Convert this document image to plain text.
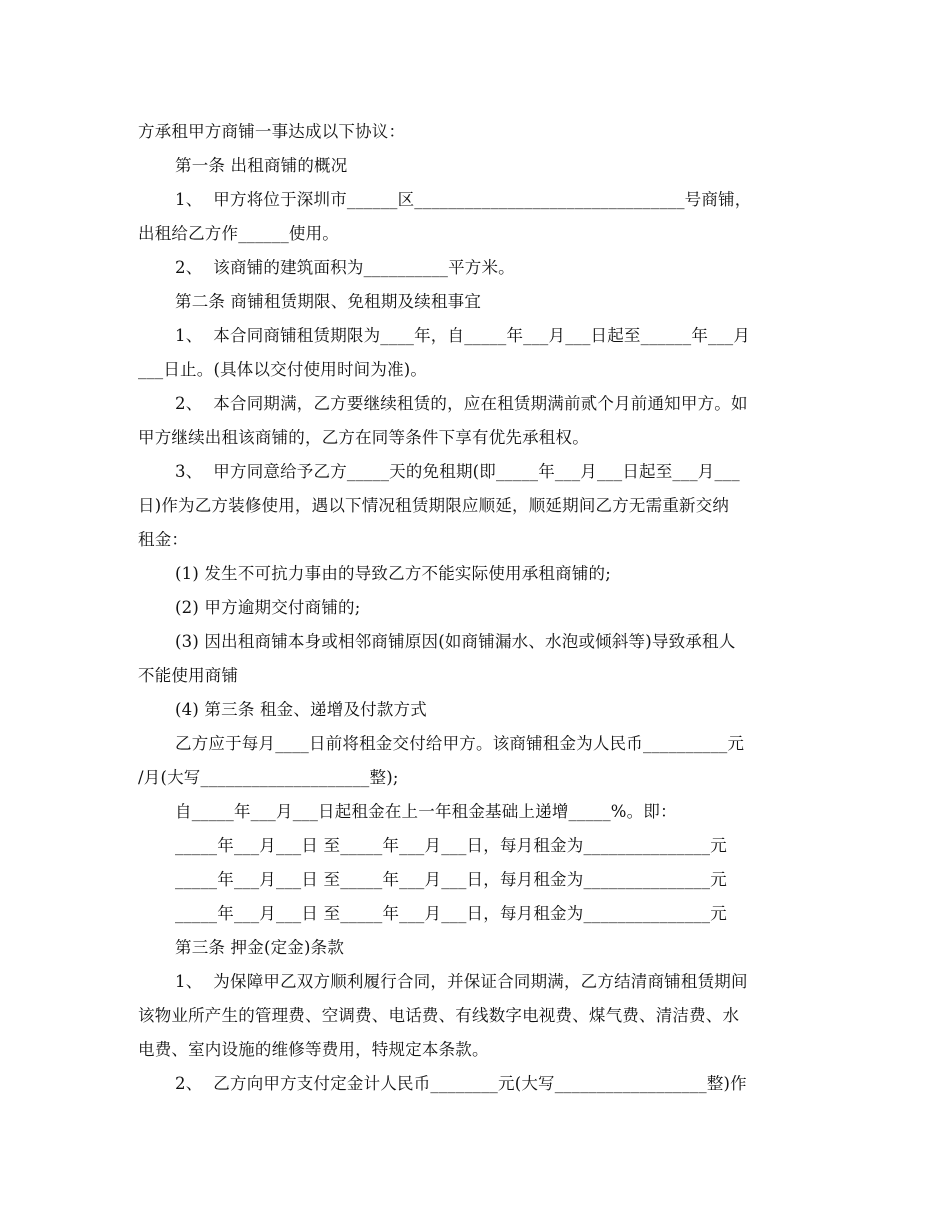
方承租甲方商铺一事达成以下协议：
第一条 出租商铺的概况
1、  甲方将位于深圳市______区________________________________号商铺，
出租给乙方作______使用。
2、  该商铺的建筑面积为__________平方米。
第二条 商铺租赁期限、免租期及续租事宜
1、  本合同商铺租赁期限为____年，自_____年___月___日起至______年___月
___日止。(具体以交付使用时间为准)。
2、  本合同期满，乙方要继续租赁的，应在租赁期满前贰个月前通知甲方。如
甲方继续出租该商铺的，乙方在同等条件下享有优先承租权。
3、  甲方同意给予乙方_____天的免租期(即_____年___月___日起至___月___
日)作为乙方装修使用，遇以下情况租赁期限应顺延，顺延期间乙方无需重新交纳
租金：
(1) 发生不可抗力事由的导致乙方不能实际使用承租商铺的;
(2) 甲方逾期交付商铺的;
(3) 因出租商铺本身或相邻商铺原因(如商铺漏水、水泡或倾斜等)导致承租人
不能使用商铺
(4) 第三条 租金、递增及付款方式
乙方应于每月____日前将租金交付给甲方。该商铺租金为人民币__________元
/月(大写____________________整);
自_____年___月___日起租金在上一年租金基础上递增_____%。即：
_____年___月___日 至_____年___月___日，每月租金为_______________元
_____年___月___日 至_____年___月___日，每月租金为_______________元
_____年___月___日 至_____年___月___日，每月租金为_______________元
第三条 押金(定金)条款
1、  为保障甲乙双方顺利履行合同，并保证合同期满，乙方结清商铺租赁期间
该物业所产生的管理费、空调费、电话费、有线数字电视费、煤气费、清洁费、水
电费、室内设施的维修等费用，特规定本条款。
2、  乙方向甲方支付定金计人民币________元(大写__________________整)作
